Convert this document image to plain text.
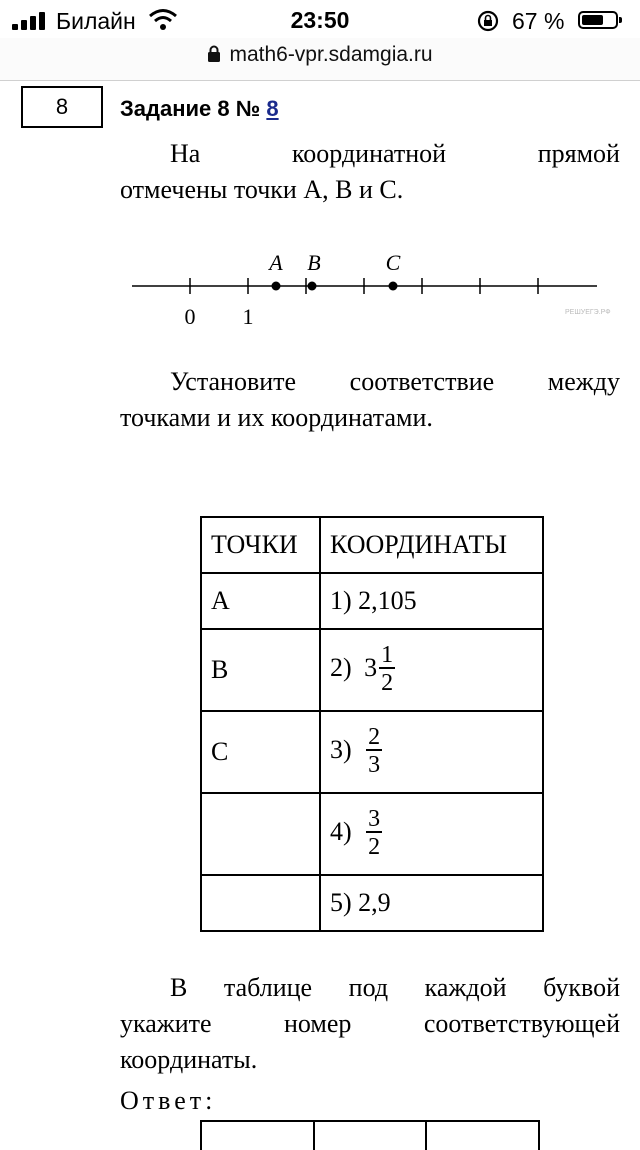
Билайн	23:50	67 %
math6-vpr.sdamgia.ru
8	Задание 8 № 8
На	координатной	прямой
отмечены точки A, B и C.
0 1
A B	C
РЕШУЕГЭ.РФ
Установите соответствие между
точками и их координатами.
ТОЧКИ	КООРДИНАТЫ
A	1) 2,105
B	2) $3 \frac{1}{2}$

C	$3) \frac{2}{3}$

	$4) \frac{3}{2}$

	5) 2,9
В таблице под каждой буквой
укажите	номер	соответствующей
координаты.
Ответ:
